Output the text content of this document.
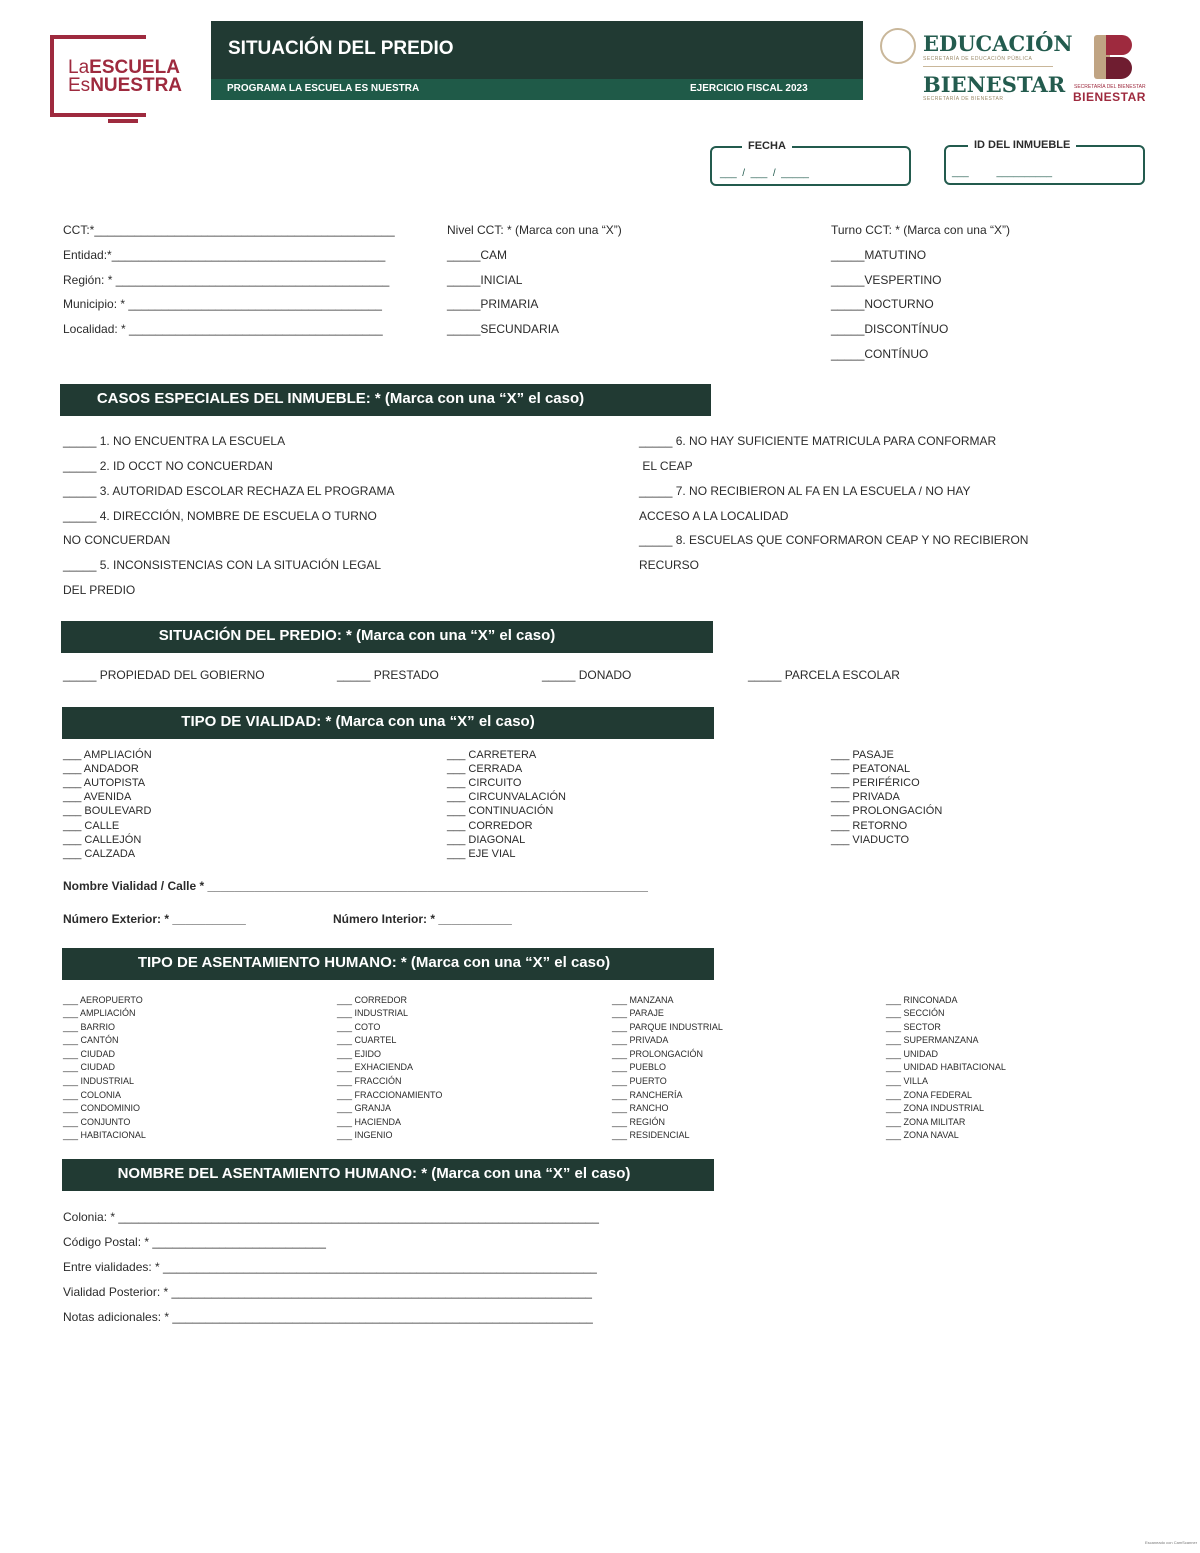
LaESCUELA
EsNUESTRA
SITUACIÓN DEL PREDIO
PROGRAMA LA ESCUELA ES NUESTRA	EJERCICIO FISCAL 2023
EDUCACIÓN
SECRETARÍA DE EDUCACIÓN PÚBLICA
BIENESTAR
SECRETARÍA DE BIENESTAR
SECRETARÍA DEL BIENESTAR
BIENESTAR
FECHA
___  /  ___  /  _____
ID DEL INMUEBLE
___          __________
CCT:*_____________________________________________
Entidad:*_________________________________________
Región: * _________________________________________
Municipio: * ______________________________________
Localidad: * ______________________________________
Nivel CCT: * (Marca con una “X”)
_____CAM
_____INICIAL
_____PRIMARIA
_____SECUNDARIA
Turno CCT: * (Marca con una “X”)
_____MATUTINO
_____VESPERTINO
_____NOCTURNO
_____DISCONTÍNUO
_____CONTÍNUO
CASOS ESPECIALES DEL INMUEBLE: * (Marca con una “X” el caso)
_____ 1. NO ENCUENTRA LA ESCUELA
_____ 2. ID OCCT NO CONCUERDAN
_____ 3. AUTORIDAD ESCOLAR RECHAZA EL PROGRAMA
_____ 4. DIRECCIÓN, NOMBRE DE ESCUELA O TURNO
NO CONCUERDAN
_____ 5. INCONSISTENCIAS CON LA SITUACIÓN LEGAL
DEL PREDIO
_____ 6. NO HAY SUFICIENTE MATRICULA PARA CONFORMAR
EL CEAP
_____ 7. NO RECIBIERON AL FA EN LA ESCUELA / NO HAY
ACCESO A LA LOCALIDAD
_____ 8. ESCUELAS QUE CONFORMARON CEAP Y NO RECIBIERON
RECURSO
SITUACIÓN DEL PREDIO: * (Marca con una “X” el caso)
_____ PROPIEDAD DEL GOBIERNO	_____ PRESTADO	_____ DONADO	_____ PARCELA ESCOLAR
TIPO DE VIALIDAD: * (Marca con una “X” el caso)
___ AMPLIACIÓN
___ ANDADOR
___ AUTOPISTA
___ AVENIDA
___ BOULEVARD
___ CALLE
___ CALLEJÓN
___ CALZADA
___ CARRETERA
___ CERRADA
___ CIRCUITO
___ CIRCUNVALACIÓN
___ CONTINUACIÓN
___ CORREDOR
___ DIAGONAL
___ EJE VIAL
___ PASAJE
___ PEATONAL
___ PERIFÉRICO
___ PRIVADA
___ PROLONGACIÓN
___ RETORNO
___ VIADUCTO
Nombre Vialidad / Calle * __________________________________________________________________
Número Exterior: * ___________	Número Interior: * ___________
TIPO DE ASENTAMIENTO HUMANO: * (Marca con una “X” el caso)
___ AEROPUERTO
___ AMPLIACIÓN
___ BARRIO
___ CANTÓN
___ CIUDAD
___ CIUDAD
___ INDUSTRIAL
___ COLONIA
___ CONDOMINIO
___ CONJUNTO
___ HABITACIONAL
___ CORREDOR
___ INDUSTRIAL
___ COTO
___ CUARTEL
___ EJIDO
___ EXHACIENDA
___ FRACCIÓN
___ FRACCIONAMIENTO
___ GRANJA
___ HACIENDA
___ INGENIO
___ MANZANA
___ PARAJE
___ PARQUE INDUSTRIAL
___ PRIVADA
___ PROLONGACIÓN
___ PUEBLO
___ PUERTO
___ RANCHERÍA
___ RANCHO
___ REGIÓN
___ RESIDENCIAL
___ RINCONADA
___ SECCIÓN
___ SECTOR
___ SUPERMANZANA
___ UNIDAD
___ UNIDAD HABITACIONAL
___ VILLA
___ ZONA FEDERAL
___ ZONA INDUSTRIAL
___ ZONA MILITAR
___ ZONA NAVAL
NOMBRE DEL ASENTAMIENTO HUMANO: * (Marca con una “X” el caso)
Colonia: * ________________________________________________________________________
Código Postal: * __________________________
Entre vialidades: * _________________________________________________________________
Vialidad Posterior: * _______________________________________________________________
Notas adicionales: * _______________________________________________________________
Escaneado con CamScanner
